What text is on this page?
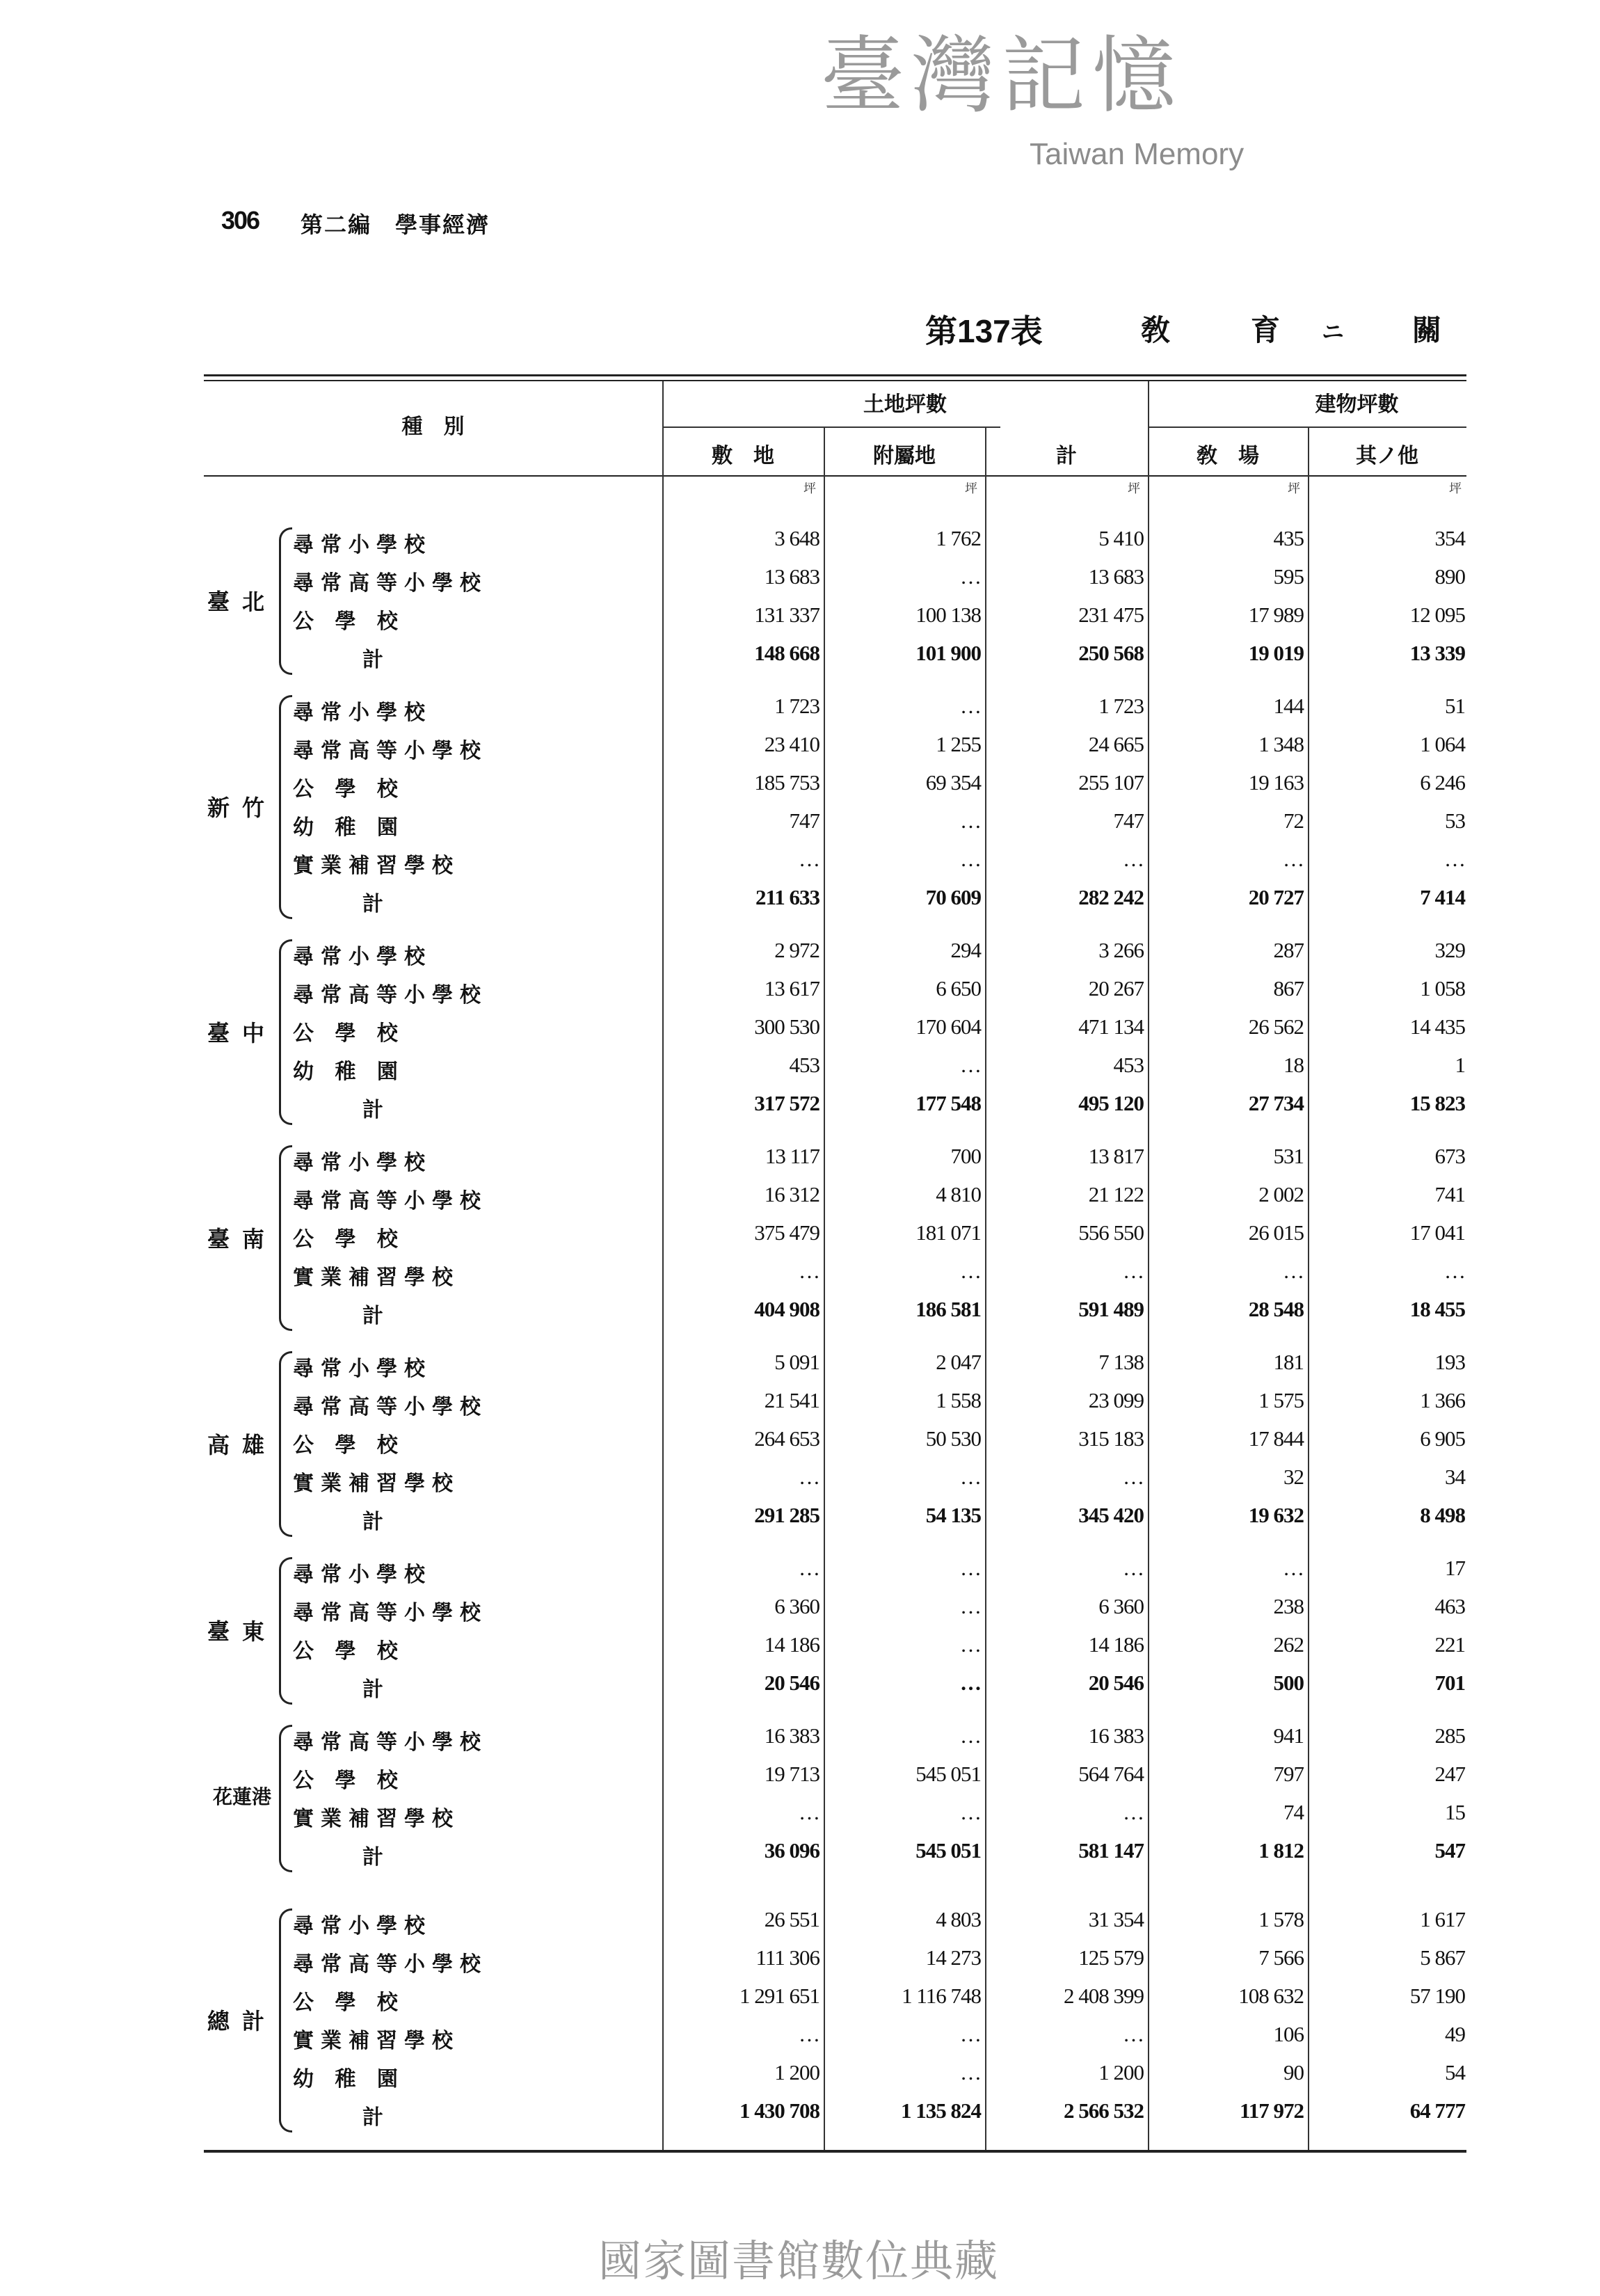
臺灣記憶
Taiwan Memory
306 第二編　學事經濟
第137表	敎	育 ニ 關
種　別
土地坪數	建物坪數
敷　地	附屬地	計	敎　場	其ノ他
坪	坪	坪	坪	坪
尋常小學校	3 648	1 762	5 410	435	354
尋常高等小學校	13 683	…	13 683	595	890
公 學 校	131 337	100 138	231 475	17 989	12 095
計	148 668	101 900	250 568	19 019	13 339
臺北
尋常小學校	1 723	…	1 723	144	51
尋常高等小學校	23 410	1 255	24 665	1 348	1 064
公 學 校	185 753	69 354	255 107	19 163	6 246
幼 稚 園	747	…	747	72	53
實業補習學校	…	…	…	…	…
計	211 633	70 609	282 242	20 727	7 414
新竹
尋常小學校	2 972	294	3 266	287	329
尋常高等小學校	13 617	6 650	20 267	867	1 058
公 學 校	300 530	170 604	471 134	26 562	14 435
幼 稚 園	453	…	453	18	1
計	317 572	177 548	495 120	27 734	15 823
臺中
尋常小學校	13 117	700	13 817	531	673
尋常高等小學校	16 312	4 810	21 122	2 002	741
公 學 校	375 479	181 071	556 550	26 015	17 041
實業補習學校	…	…	…	…	…
計	404 908	186 581	591 489	28 548	18 455
臺南
尋常小學校	5 091	2 047	7 138	181	193
尋常高等小學校	21 541	1 558	23 099	1 575	1 366
公 學 校	264 653	50 530	315 183	17 844	6 905
實業補習學校	…	…	…	32	34
計	291 285	54 135	345 420	19 632	8 498
高雄
尋常小學校	…	…	…	…	17
尋常高等小學校	6 360	…	6 360	238	463
公 學 校	14 186	…	14 186	262	221
計	20 546	…	20 546	500	701
臺東
尋常高等小學校	16 383	…	16 383	941	285
公 學 校	19 713	545 051	564 764	797	247
實業補習學校	…	…	…	74	15
計	36 096	545 051	581 147	1 812	547
花蓮港
尋常小學校	26 551	4 803	31 354	1 578	1 617
尋常高等小學校	111 306	14 273	125 579	7 566	5 867
公 學 校	1 291 651	1 116 748	2 408 399	108 632	57 190
實業補習學校	…	…	…	106	49
幼 稚 園	1 200	…	1 200	90	54
計	1 430 708	1 135 824	2 566 532	117 972	64 777
總計
國家圖書館數位典藏
